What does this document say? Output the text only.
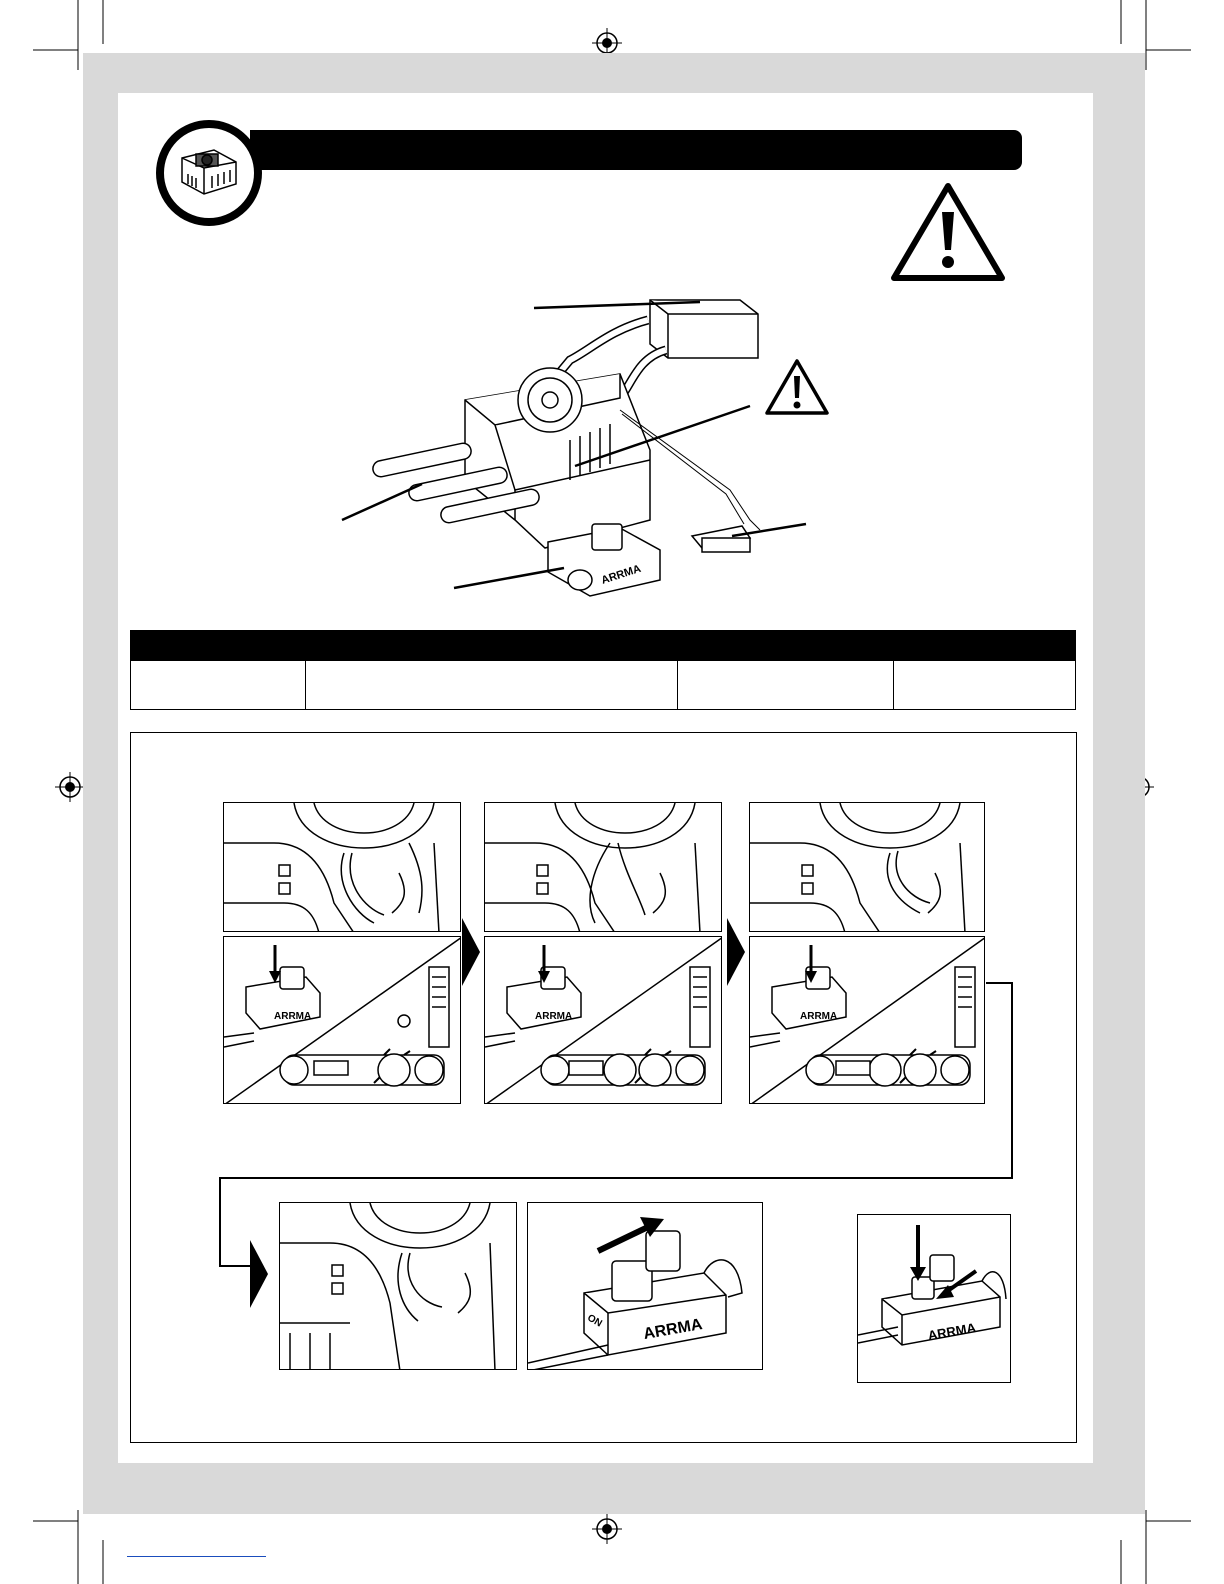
ARRMA
ARRMA	ARRMA	ARRMA
ARRMA
ON	ARRMA
